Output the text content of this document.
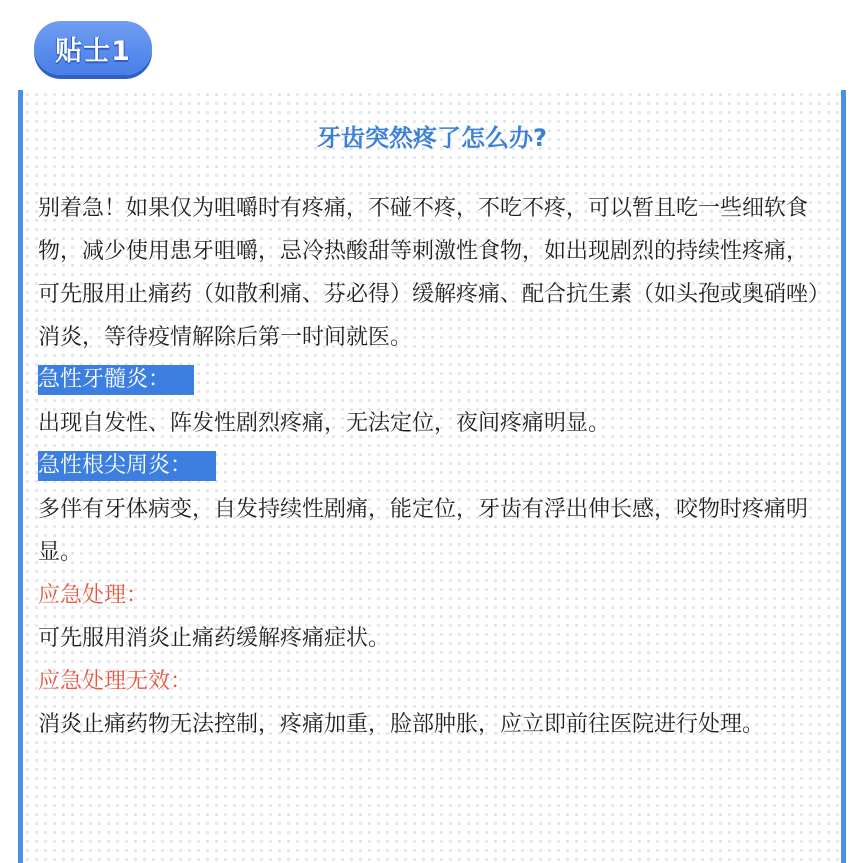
贴士1
牙齿突然疼了怎么办?

别着急！如果仅为咀嚼时有疼痛，不碰不疼，不吃不疼，可以暂且吃一些细软食物，减少使用患牙咀嚼，忌冷热酸甜等刺激性食物，如出现剧烈的持续性疼痛，可先服用止痛药（如散利痛、芬必得）缓解疼痛、配合抗生素（如头孢或奥硝唑）消炎，等待疫情解除后第一时间就医。

急性牙髓炎：

出现自发性、阵发性剧烈疼痛，无法定位，夜间疼痛明显。

急性根尖周炎：

多伴有牙体病变，自发持续性剧痛，能定位，牙齿有浮出伸长感，咬物时疼痛明显。

应急处理：

可先服用消炎止痛药缓解疼痛症状。

应急处理无效：

消炎止痛药物无法控制，疼痛加重，脸部肿胀，应立即前往医院进行处理。
